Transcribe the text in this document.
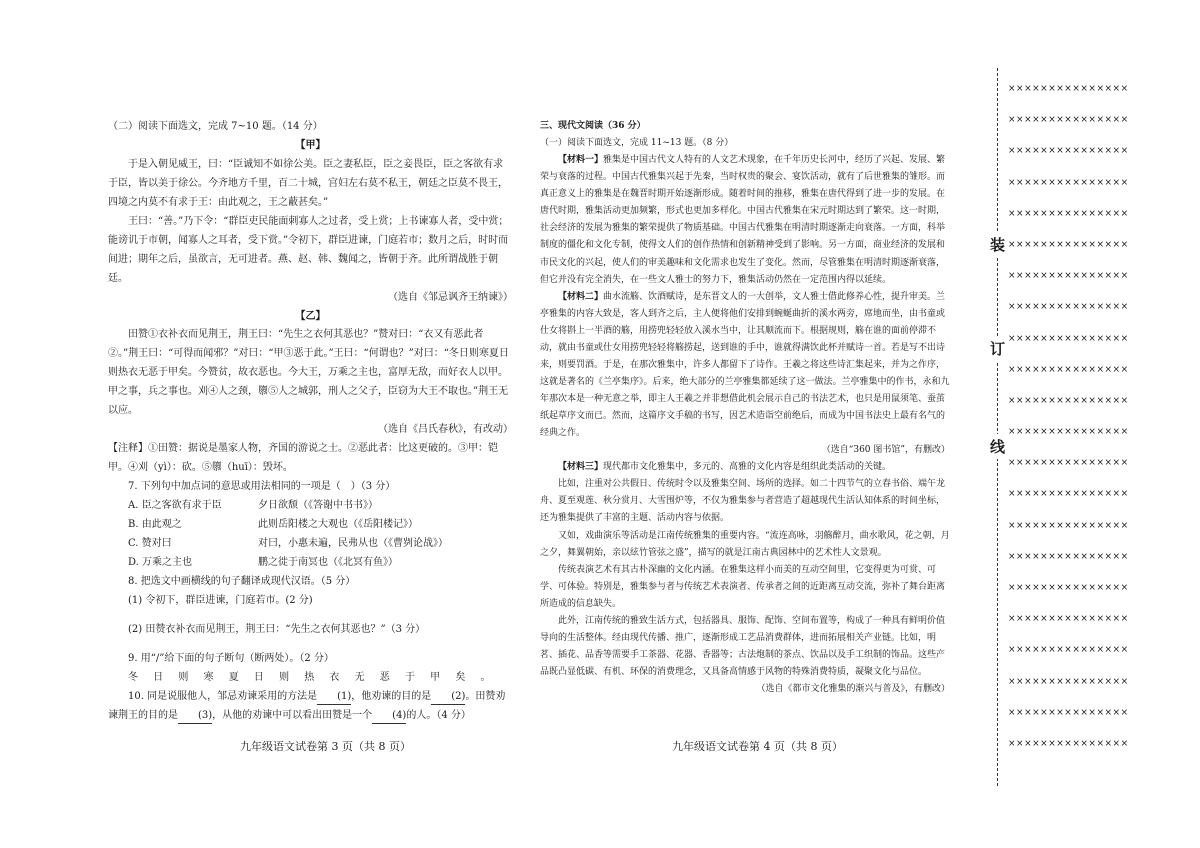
（二）阅读下面选文，完成 7~10 题。（14 分）

【甲】

于是入朝见威王，曰：“臣诚知不如徐公美。臣之妻私臣，臣之妾畏臣，臣之客欲有求于臣，皆以美于徐公。今齐地方千里，百二十城，宫妇左右莫不私王，朝廷之臣莫不畏王，四境之内莫不有求于王：由此观之，王之蔽甚矣。”

王曰：“善。”乃下令：“群臣吏民能面刺寡人之过者，受上赏；上书谏寡人者，受中赏；能谤讥于市朝，闻寡人之耳者，受下赏。”令初下，群臣进谏，门庭若市；数月之后，时时而间进；期年之后，虽欲言，无可进者。燕、赵、韩、魏闻之，皆朝于齐。此所谓战胜于朝廷。

（选自《邹忌讽齐王纳谏》）

【乙】

田赞①衣补衣而见荆王，荆王曰：“先生之衣何其恶也？”赞对曰：“衣又有恶此者②。”荆王曰：“可得而闻邪？”对曰：“甲③恶于此。”王曰：“何谓也？”对曰：“冬日则寒夏日则热衣无恶于甲矣。今赞贫，故衣恶也。今大王，万乘之主也，富厚无敌，而好衣人以甲。甲之事，兵之事也。刈④人之颈，隳⑤人之城郭，刑人之父子，臣窃为大王不取也。”荆王无以应。

（选自《吕氏春秋》，有改动）

【注释】①田赞：据说是墨家人物，齐国的游说之士。②恶此者：比这更破的。③甲：铠甲。④刈（yì）：砍。⑤隳（huī）：毁坏。

7. 下列句中加点词的意思或用法相同的一项是（　）（3 分）

A. 臣之客欲有求于臣	夕日欲颓（《答谢中书书》）
B. 由此观之	此则岳阳楼之大观也（《岳阳楼记》）
C. 赞对曰	对曰，小惠未遍，民弗从也（《曹刿论战》）
D. 万乘之主也	鹏之徙于南冥也（《北冥有鱼》）

8. 把选文中画横线的句子翻译成现代汉语。（5 分）

(1) 令初下，群臣进谏，门庭若市。(2 分)

(2) 田赞衣补衣而见荆王，荆王曰：“先生之衣何其恶也？”（3 分）

9. 用“/”给下面的句子断句（断两处）。（2 分）

冬 日 则 寒 夏 日 则 热 衣 无 恶 于 甲 矣 。

10. 同是说服他人，邹忌劝谏采用的方法是 (1)，他劝谏的目的是 (2)。田赞劝谏荆王的目的是 (3)，从他的劝谏中可以看出田赞是一个 (4)的人。（4 分）

九年级语文试卷第 3 页（共 8 页）

三、现代文阅读（36 分）

（一）阅读下面选文，完成 11~13 题。（8 分）

【材料一】雅集是中国古代文人特有的人文艺术现象，在千年历史长河中，经历了兴起、发展、繁荣与衰落的过程。中国古代雅集兴起于先秦，当时权贵的聚会、宴饮活动，就有了后世雅集的雏形。而真正意义上的雅集是在魏晋时期开始逐渐形成。随着时间的推移，雅集在唐代得到了进一步的发展。在唐代时期，雅集活动更加频繁，形式也更加多样化。中国古代雅集在宋元时期达到了繁荣。这一时期，社会经济的发展为雅集的繁荣提供了物质基础。中国古代雅集在明清时期逐渐走向衰落。一方面，科举制度的僵化和文化专制，使得文人们的创作热情和创新精神受到了影响。另一方面，商业经济的发展和市民文化的兴起，使人们的审美趣味和文化需求也发生了变化。然而，尽管雅集在明清时期逐渐衰落，但它并没有完全消失，在一些文人雅士的努力下，雅集活动仍然在一定范围内得以延续。

【材料二】曲水流觞、饮酒赋诗，是东晋文人的一大创举，文人雅士借此修养心性，提升审美。兰亭雅集的内容大致是，客人到齐之后，主人便将他们安排到蜿蜒曲折的溪水两旁，席地而坐，由书童或仕女将斟上一半酒的觞，用捞兜轻轻放入溪水当中，让其顺流而下。根据规则，觞在谁的面前停滞不动，就由书童或仕女用捞兜轻轻将觞捞起，送到谁的手中，谁就得满饮此杯并赋诗一首。若是写不出诗来，则要罚酒。于是，在那次雅集中，许多人都留下了诗作。王羲之将这些诗汇集起来，并为之作序，这就是著名的《兰亭集序》。后来，绝大部分的兰亭雅集都延续了这一做法。兰亭雅集中的作书，永和九年那次本是一种无意之举，即主人王羲之并非想借此机会展示自己的书法艺术，也只是用鼠须笔、蚕茧纸起草序文而已。然而，这篇序文手稿的书写，因艺术造诣空前绝后，而成为中国书法史上最有名气的经典之作。

（选自“360 图书馆”，有删改）

【材料三】现代都市文化雅集中，多元的、高雅的文化内容是组织此类活动的关键。

比如，注重对公共假日、传统时令以及雅集空间、场所的选择。如二十四节气的立春书俗、端午龙舟、夏至观莲、秋分赏月、大雪围炉等，不仅为雅集参与者营造了超越现代生活认知体系的时间坐标，还为雅集提供了丰富的主题、活动内容与依据。

又如，戏曲演乐等活动是江南传统雅集的重要内容。“流连高咏，羽觞醉月，曲水歌风，花之朝，月之夕，舞翼朝始，亲以絃竹管弦之盛”，描写的就是江南古典园林中的艺术性人文景观。

传统表演艺术有其古朴深幽的文化内涵。在雅集这样小而美的互动空间里，它变得更为可赏、可学、可体验。特别是，雅集参与者与传统艺术表演者、传承者之间的近距离互动交流，弥补了舞台距离所造成的信息缺失。

此外，江南传统的雅致生活方式，包括器具、服饰、配饰、空间布置等，构成了一种具有鲜明价值导向的生活整体。经由现代传播、推广，逐渐形成工艺品消费群体，进而拓展相关产业链。比如，明茗、插花、品香等需要手工茶器、花器、香器等；古法炮制的茶点、饮品以及手工织制的饰品。这些产品既凸显低碳、有机、环保的消费理念，又具备高情感于风物的特殊消费特质，凝聚文化与品位。

（选自《都市文化雅集的渐兴与普及》，有删改）

九年级语文试卷第 4 页（共 8 页）
装
订
线
×××××××××××××××
×××××××××××××××
×××××××××××××××
×××××××××××××××
×××××××××××××××
×××××××××××××××
×××××××××××××××
×××××××××××××××
×××××××××××××××
×××××××××××××××
×××××××××××××××
×××××××××××××××
×××××××××××××××
×××××××××××××××
×××××××××××××××
×××××××××××××××
×××××××××××××××
×××××××××××××××
×××××××××××××××
×××××××××××××××
×××××××××××××××
×××××××××××××××
